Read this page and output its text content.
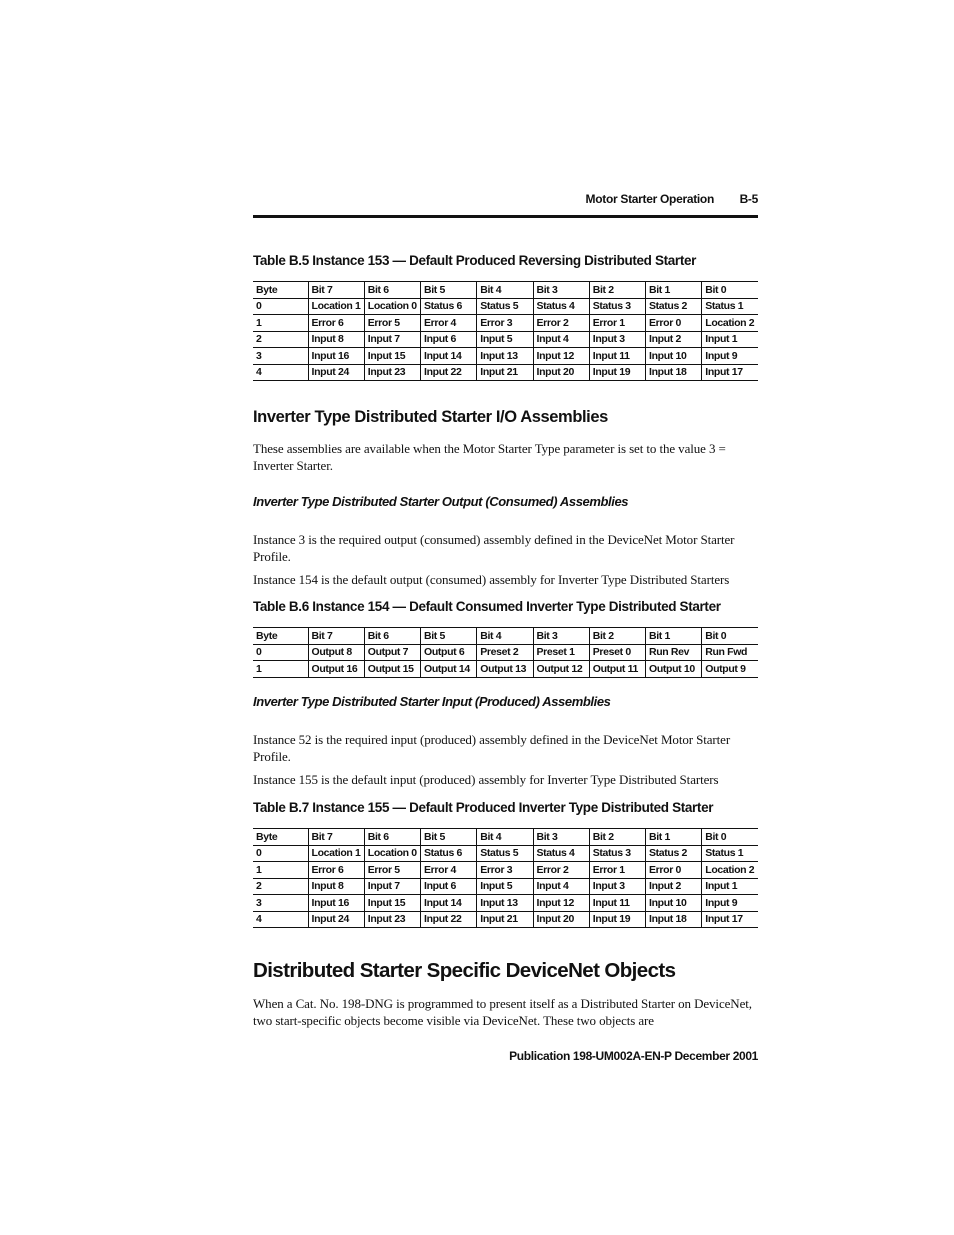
Motor Starter Operation B-5
Table B.5 Instance 153 — Default Produced Reversing Distributed Starter
Byte	Bit 7	Bit 6	Bit 5	Bit 4	Bit 3	Bit 2	Bit 1	Bit 0
0	Location 1	Location 0	Status 6	Status 5	Status 4	Status 3	Status 2	Status 1
1	Error 6	Error 5	Error 4	Error 3	Error 2	Error 1	Error 0	Location 2
2	Input 8	Input 7	Input 6	Input 5	Input 4	Input 3	Input 2	Input 1
3	Input 16	Input 15	Input 14	Input 13	Input 12	Input 11	Input 10	Input 9
4	Input 24	Input 23	Input 22	Input 21	Input 20	Input 19	Input 18	Input 17
Inverter Type Distributed Starter I/O Assemblies
These assemblies are available when the Motor Starter Type parameter is set to the value 3 = Inverter Starter.
Inverter Type Distributed Starter Output (Consumed) Assemblies
Instance 3 is the required output (consumed) assembly defined in the DeviceNet Motor Starter Profile.
Instance 154 is the default output (consumed) assembly for Inverter Type Distributed Starters
Table B.6 Instance 154 — Default Consumed Inverter Type Distributed Starter
Byte	Bit 7	Bit 6	Bit 5	Bit 4	Bit 3	Bit 2	Bit 1	Bit 0
0	Output 8	Output 7	Output 6	Preset 2	Preset 1	Preset 0	Run Rev	Run Fwd
1	Output 16	Output 15	Output 14	Output 13	Output 12	Output 11	Output 10	Output 9
Inverter Type Distributed Starter Input (Produced) Assemblies
Instance 52 is the required input (produced) assembly defined in the DeviceNet Motor Starter Profile.
Instance 155 is the default input (produced) assembly for Inverter Type Distributed Starters
Table B.7 Instance 155 — Default Produced Inverter Type Distributed Starter
Byte	Bit 7	Bit 6	Bit 5	Bit 4	Bit 3	Bit 2	Bit 1	Bit 0
0	Location 1	Location 0	Status 6	Status 5	Status 4	Status 3	Status 2	Status 1
1	Error 6	Error 5	Error 4	Error 3	Error 2	Error 1	Error 0	Location 2
2	Input 8	Input 7	Input 6	Input 5	Input 4	Input 3	Input 2	Input 1
3	Input 16	Input 15	Input 14	Input 13	Input 12	Input 11	Input 10	Input 9
4	Input 24	Input 23	Input 22	Input 21	Input 20	Input 19	Input 18	Input 17
Distributed Starter Specific DeviceNet Objects
When a Cat. No. 198-DNG is programmed to present itself as a Distributed Starter on DeviceNet, two start-specific objects become visible via DeviceNet. These two objects are
Publication 198-UM002A-EN-P December 2001
